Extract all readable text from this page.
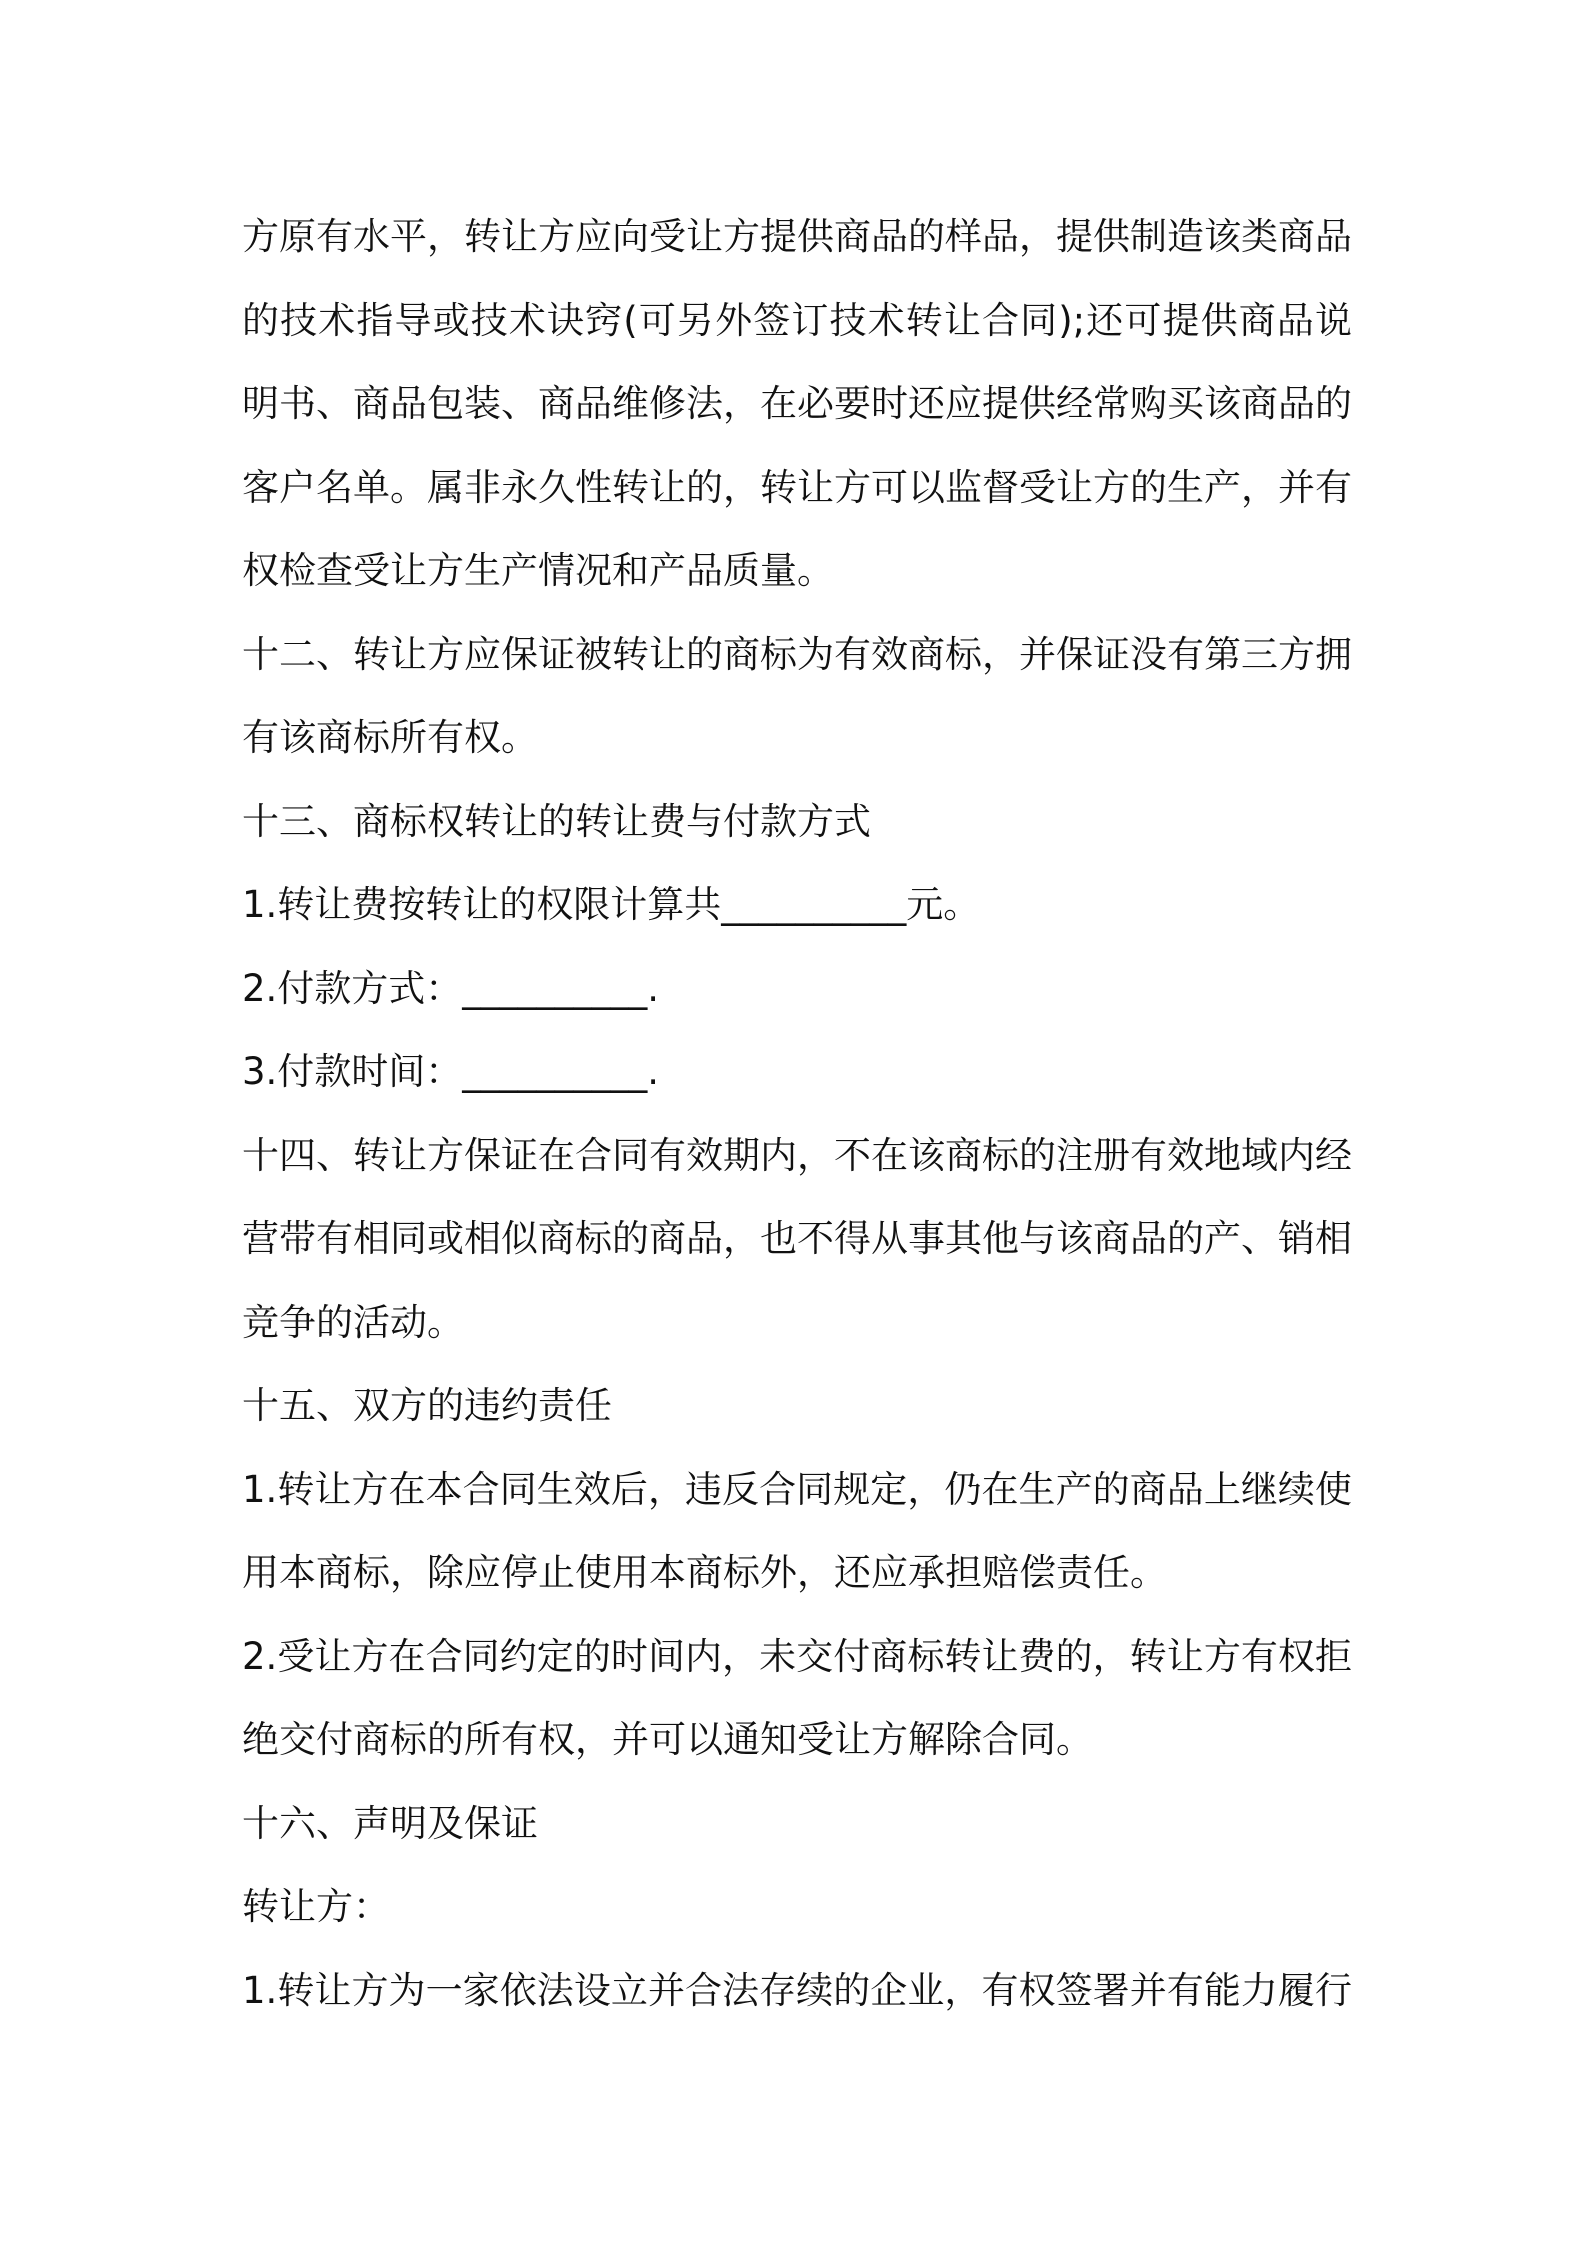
方原有水平，转让方应向受让方提供商品的样品，提供制造该类商品
的技术指导或技术诀窍(可另外签订技术转让合同);还可提供商品说
明书、商品包装、商品维修法，在必要时还应提供经常购买该商品的
客户名单。属非永久性转让的，转让方可以监督受让方的生产，并有
权检查受让方生产情况和产品质量。
十二、转让方应保证被转让的商标为有效商标，并保证没有第三方拥
有该商标所有权。
十三、商标权转让的转让费与付款方式
1.转让费按转让的权限计算共__________元。
2.付款方式：__________.
3.付款时间：__________.
十四、转让方保证在合同有效期内，不在该商标的注册有效地域内经
营带有相同或相似商标的商品，也不得从事其他与该商品的产、销相
竞争的活动。
十五、双方的违约责任
1.转让方在本合同生效后，违反合同规定，仍在生产的商品上继续使
用本商标，除应停止使用本商标外，还应承担赔偿责任。
2.受让方在合同约定的时间内，未交付商标转让费的，转让方有权拒
绝交付商标的所有权，并可以通知受让方解除合同。
十六、声明及保证
转让方：
1.转让方为一家依法设立并合法存续的企业，有权签署并有能力履行
